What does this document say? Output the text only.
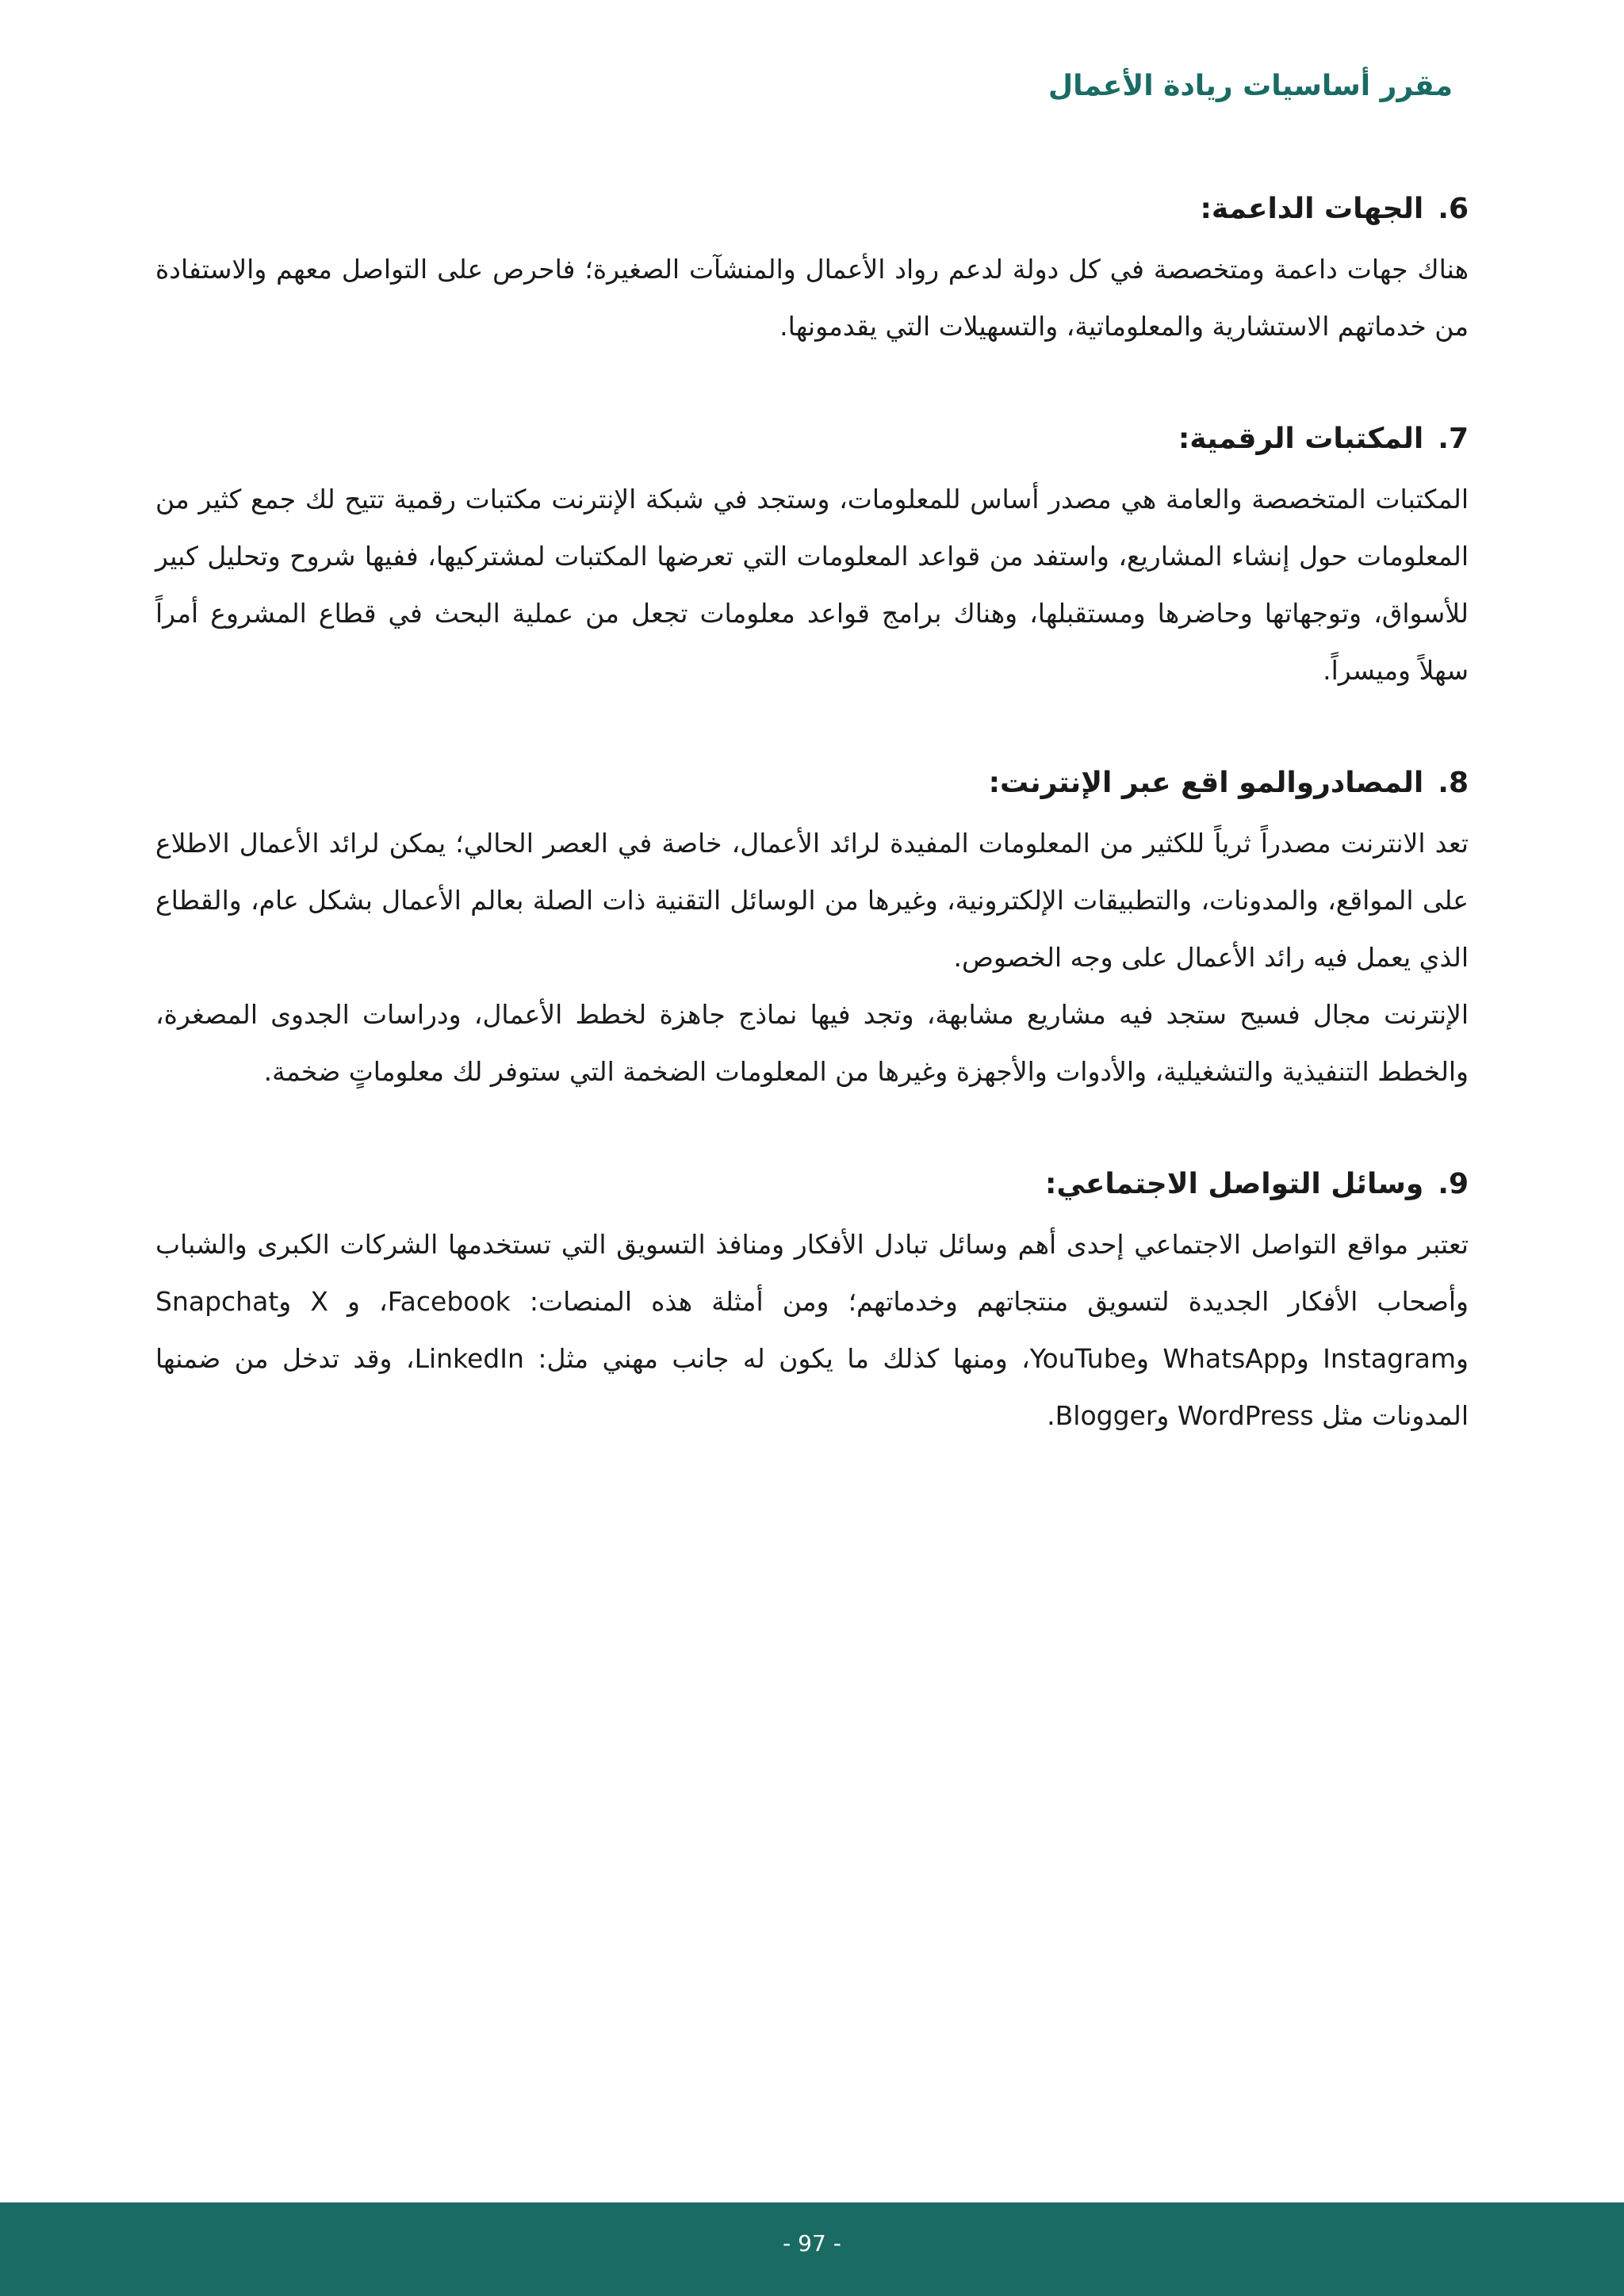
مقرر أساسيات ريادة الأعمال
6.الجهات الداعمة:

هناك جهات داعمة ومتخصصة في كل دولة لدعم رواد الأعمال والمنشآت الصغيرة؛ فاحرص على التواصل معهم والاستفادة من خدماتهم الاستشارية والمعلوماتية، والتسهيلات التي يقدمونها.

7.المكتبات الرقمية:

المكتبات المتخصصة والعامة هي مصدر أساس للمعلومات، وستجد في شبكة الإنترنت مكتبات رقمية تتيح لك جمع كثير من المعلومات حول إنشاء المشاريع، واستفد من قواعد المعلومات التي تعرضها المكتبات لمشتركيها، ففيها شروح وتحليل كبير للأسواق، وتوجهاتها وحاضرها ومستقبلها، وهناك برامج قواعد معلومات تجعل من عملية البحث في قطاع المشروع أمراً سهلاً وميسراً.

8.المصادروالمو اقع عبر الإنترنت:

تعد الانترنت مصدراً ثرياً للكثير من المعلومات المفيدة لرائد الأعمال، خاصة في العصر الحالي؛ يمكن لرائد الأعمال الاطلاع على المواقع، والمدونات، والتطبيقات الإلكترونية، وغيرها من الوسائل التقنية ذات الصلة بعالم الأعمال بشكل عام، والقطاع الذي يعمل فيه رائد الأعمال على وجه الخصوص.

الإنترنت مجال فسيح ستجد فيه مشاريع مشابهة، وتجد فيها نماذج جاهزة لخطط الأعمال، ودراسات الجدوى المصغرة، والخطط التنفيذية والتشغيلية، والأدوات والأجهزة وغيرها من المعلومات الضخمة التي ستوفر لك معلوماتٍ ضخمة.

9.وسائل التواصل الاجتماعي:

تعتبر مواقع التواصل الاجتماعي إحدى أهم وسائل تبادل الأفكار ومنافذ التسويق التي تستخدمها الشركات الكبرى والشباب وأصحاب الأفكار الجديدة لتسويق منتجاتهم وخدماتهم؛ ومن أمثلة هذه المنصات: Facebook، و X وSnapchat وInstagram وWhatsApp وYouTube، ومنها كذلك ما يكون له جانب مهني مثل: LinkedIn، وقد تدخل من ضمنها المدونات مثل WordPress وBlogger.

- 97 -
